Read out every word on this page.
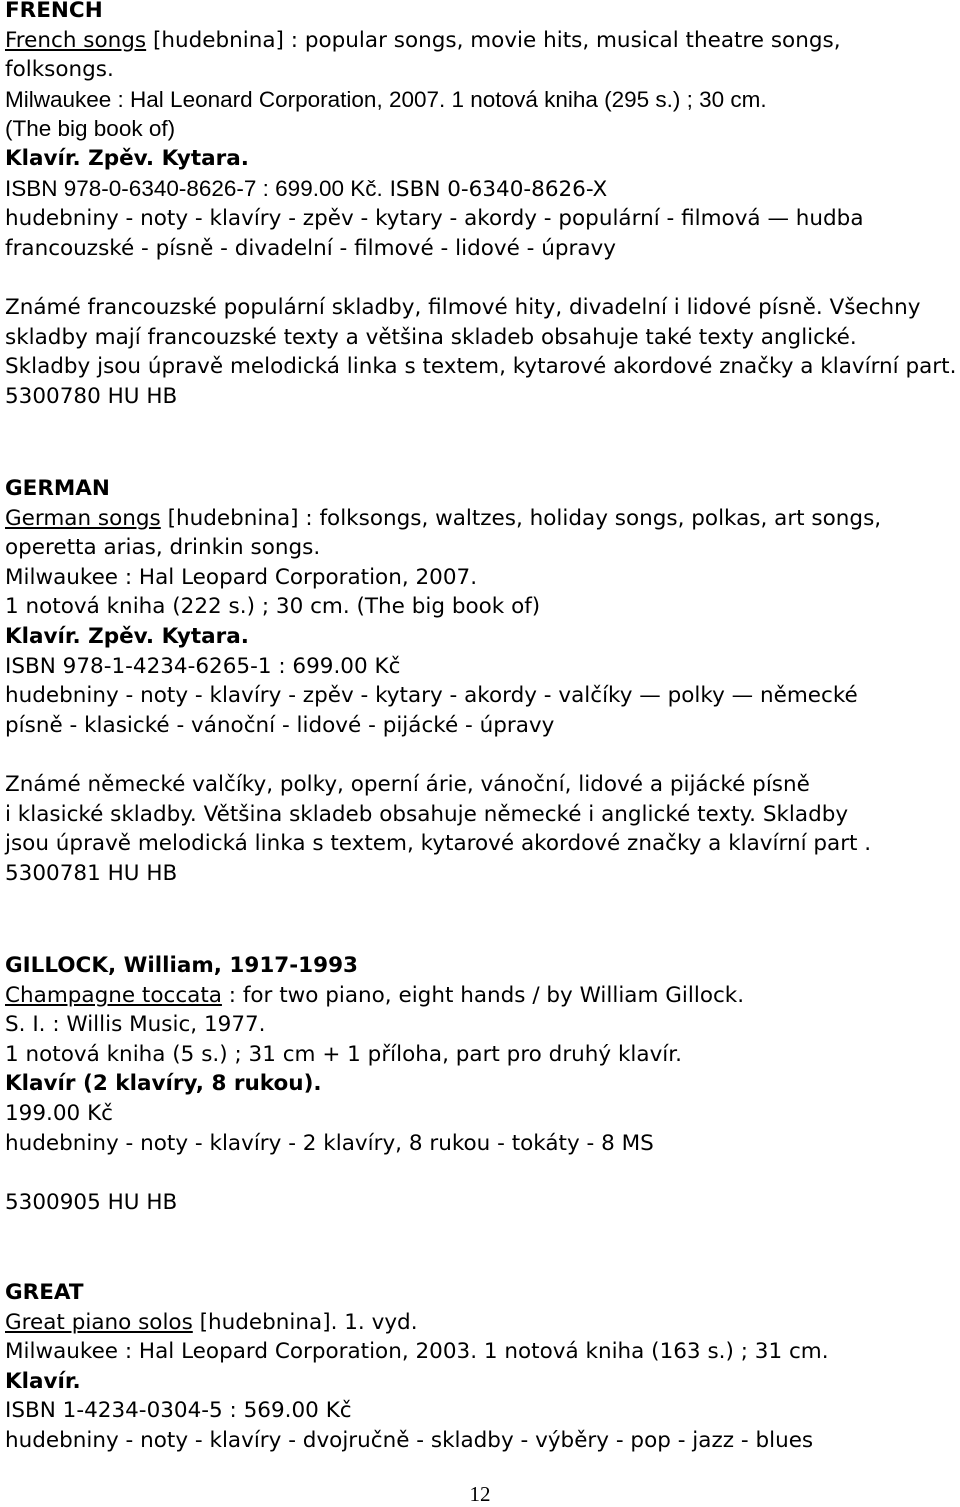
FRENCH
French songs [hudebnina] : popular songs, movie hits, musical theatre songs,
folksongs.
Milwaukee : Hal Leonard Corporation, 2007. 1 notová kniha (295 s.) ; 30 cm.
(The big book of)
Klavír. Zpěv. Kytara.
ISBN 978-0-6340-8626-7 : 699.00 Kč. ISBN 0-6340-8626-X
hudebniny - noty - klavíry - zpěv - kytary - akordy - populární - filmová — hudba
francouzské - písně - divadelní - filmové - lidové - úpravy
Známé francouzské populární skladby, filmové hity, divadelní i lidové písně. Všechny
skladby mají francouzské texty a většina skladeb obsahuje také texty anglické.
Skladby jsou úpravě melodická linka s textem, kytarové akordové značky a klavírní part.
5300780 HU HB
GERMAN
German songs [hudebnina] : folksongs, waltzes, holiday songs, polkas, art songs,
operetta arias, drinkin songs.
Milwaukee : Hal Leopard Corporation, 2007.
1 notová kniha (222 s.) ; 30 cm. (The big book of)
Klavír. Zpěv. Kytara.
ISBN 978-1-4234-6265-1 : 699.00 Kč
hudebniny - noty - klavíry - zpěv - kytary - akordy - valčíky — polky — německé
písně - klasické - vánoční - lidové - pijácké - úpravy
Známé německé valčíky, polky, operní árie, vánoční, lidové a pijácké písně
i klasické skladby. Většina skladeb obsahuje německé i anglické texty. Skladby
jsou úpravě melodická linka s textem, kytarové akordové značky a klavírní part .
5300781 HU HB
GILLOCK, William, 1917-1993
Champagne toccata : for two piano, eight hands / by William Gillock.
S. I. : Willis Music, 1977.
1 notová kniha (5 s.) ; 31 cm + 1 příloha, part pro druhý klavír.
Klavír (2 klavíry, 8 rukou).
199.00 Kč
hudebniny - noty - klavíry - 2 klavíry, 8 rukou - tokáty - 8 MS
5300905 HU HB
GREAT
Great piano solos [hudebnina]. 1. vyd.
Milwaukee : Hal Leopard Corporation, 2003. 1 notová kniha (163 s.) ; 31 cm.
Klavír.
ISBN 1-4234-0304-5 : 569.00 Kč
hudebniny - noty - klavíry - dvojručně - skladby - výběry - pop - jazz - blues
12
